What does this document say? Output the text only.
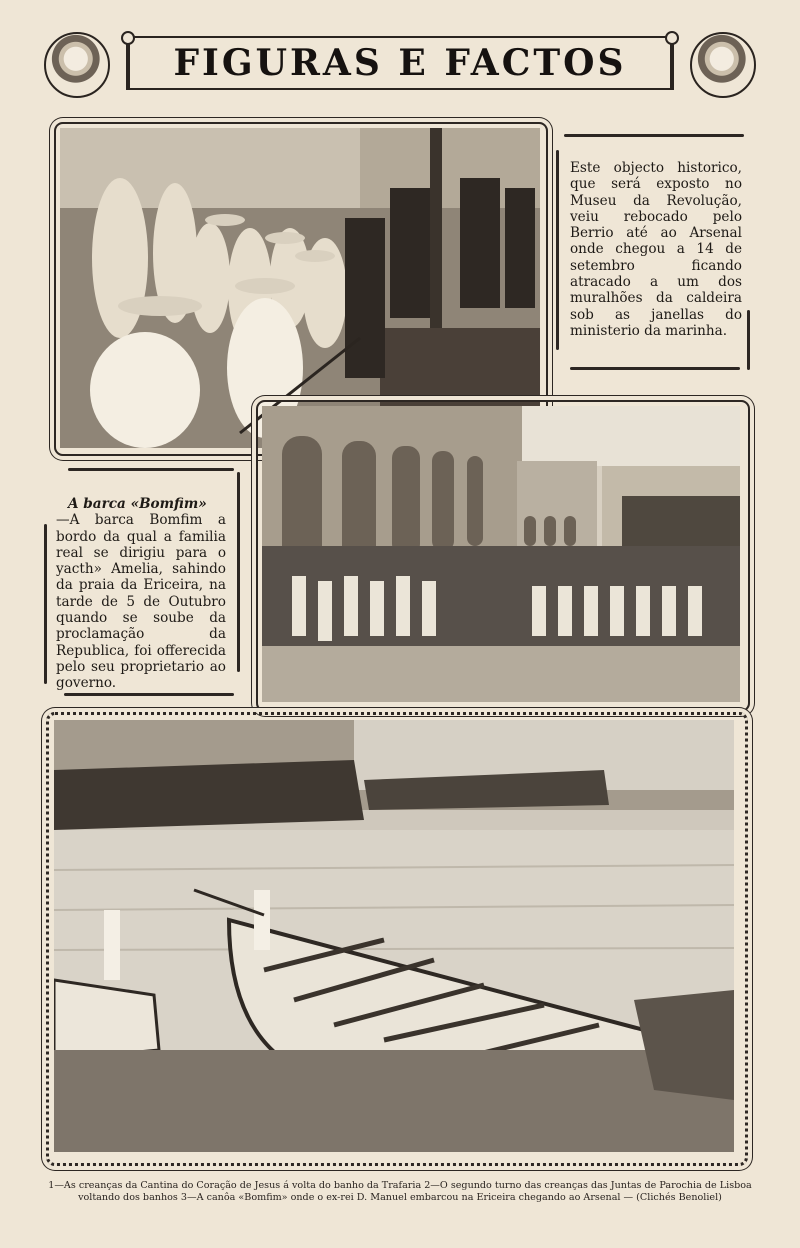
FIGURAS E FACTOS
Este objecto historico, que será exposto no Museu da Revolução, veiu rebocado pelo Berrio até ao Arsenal onde chegou a 14 de setembro ficando atracado a um dos muralhões da caldeira sob as janellas do ministerio da marinha.
A barca «Bomfim»
—A barca Bomfim a bordo da qual a familia real se dirigiu para o yacth» Amelia, sahindo da praia da Ericeira, na tarde de 5 de Outubro quando se soube da proclamação da Republica, foi offerecida pelo seu proprietario ao governo.
1—As creanças da Cantina do Coração de Jesus á volta do banho da Trafaria 2—O segundo turno das creanças das Juntas de Parochia de Lisboa voltando dos banhos 3—A canôa «Bomfim» onde o ex-rei D. Manuel embarcou na Ericeira chegando ao Arsenal — (Clichés Benoliel)
